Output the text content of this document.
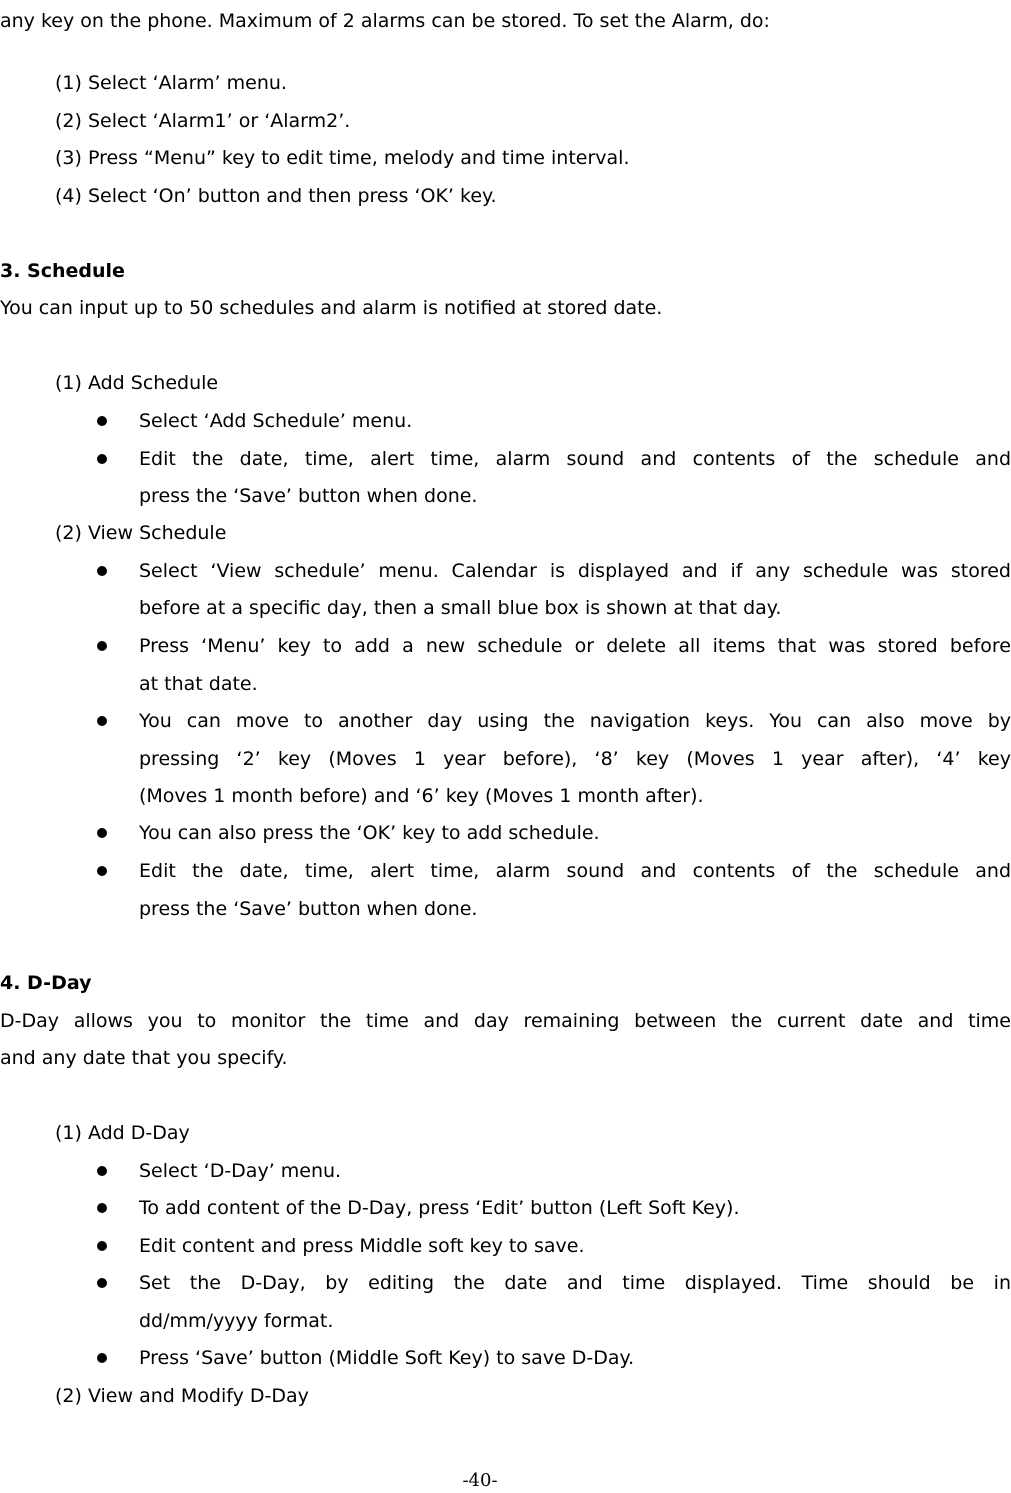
any key on the phone. Maximum of 2 alarms can be stored. To set the Alarm, do:
(1) Select ‘Alarm’ menu.
(2) Select ‘Alarm1’ or ‘Alarm2’.
(3) Press “Menu” key to edit time, melody and time interval.
(4) Select ‘On’ button and then press ‘OK’ key.
3. Schedule
You can input up to 50 schedules and alarm is notified at stored date.
(1) Add Schedule
Select ‘Add Schedule’ menu.
Edit the date, time, alert time, alarm sound and contents of the schedule and
press the ‘Save’ button when done.
(2) View Schedule
Select ‘View schedule’ menu. Calendar is displayed and if any schedule was stored
before at a specific day, then a small blue box is shown at that day.
Press ‘Menu’ key to add a new schedule or delete all items that was stored before
at that date.
You can move to another day using the navigation keys. You can also move by
pressing ‘2’ key (Moves 1 year before), ‘8’ key (Moves 1 year after), ‘4’ key
(Moves 1 month before) and ‘6’ key (Moves 1 month after).
You can also press the ‘OK’ key to add schedule.
Edit the date, time, alert time, alarm sound and contents of the schedule and
press the ‘Save’ button when done.
4. D-Day
D-Day allows you to monitor the time and day remaining between the current date and time
and any date that you specify.
(1) Add D-Day
Select ‘D-Day’ menu.
To add content of the D-Day, press ‘Edit’ button (Left Soft Key).
Edit content and press Middle soft key to save.
Set the D-Day, by editing the date and time displayed. Time should be in
dd/mm/yyyy format.
Press ‘Save’ button (Middle Soft Key) to save D-Day.
(2) View and Modify D-Day
-40-
